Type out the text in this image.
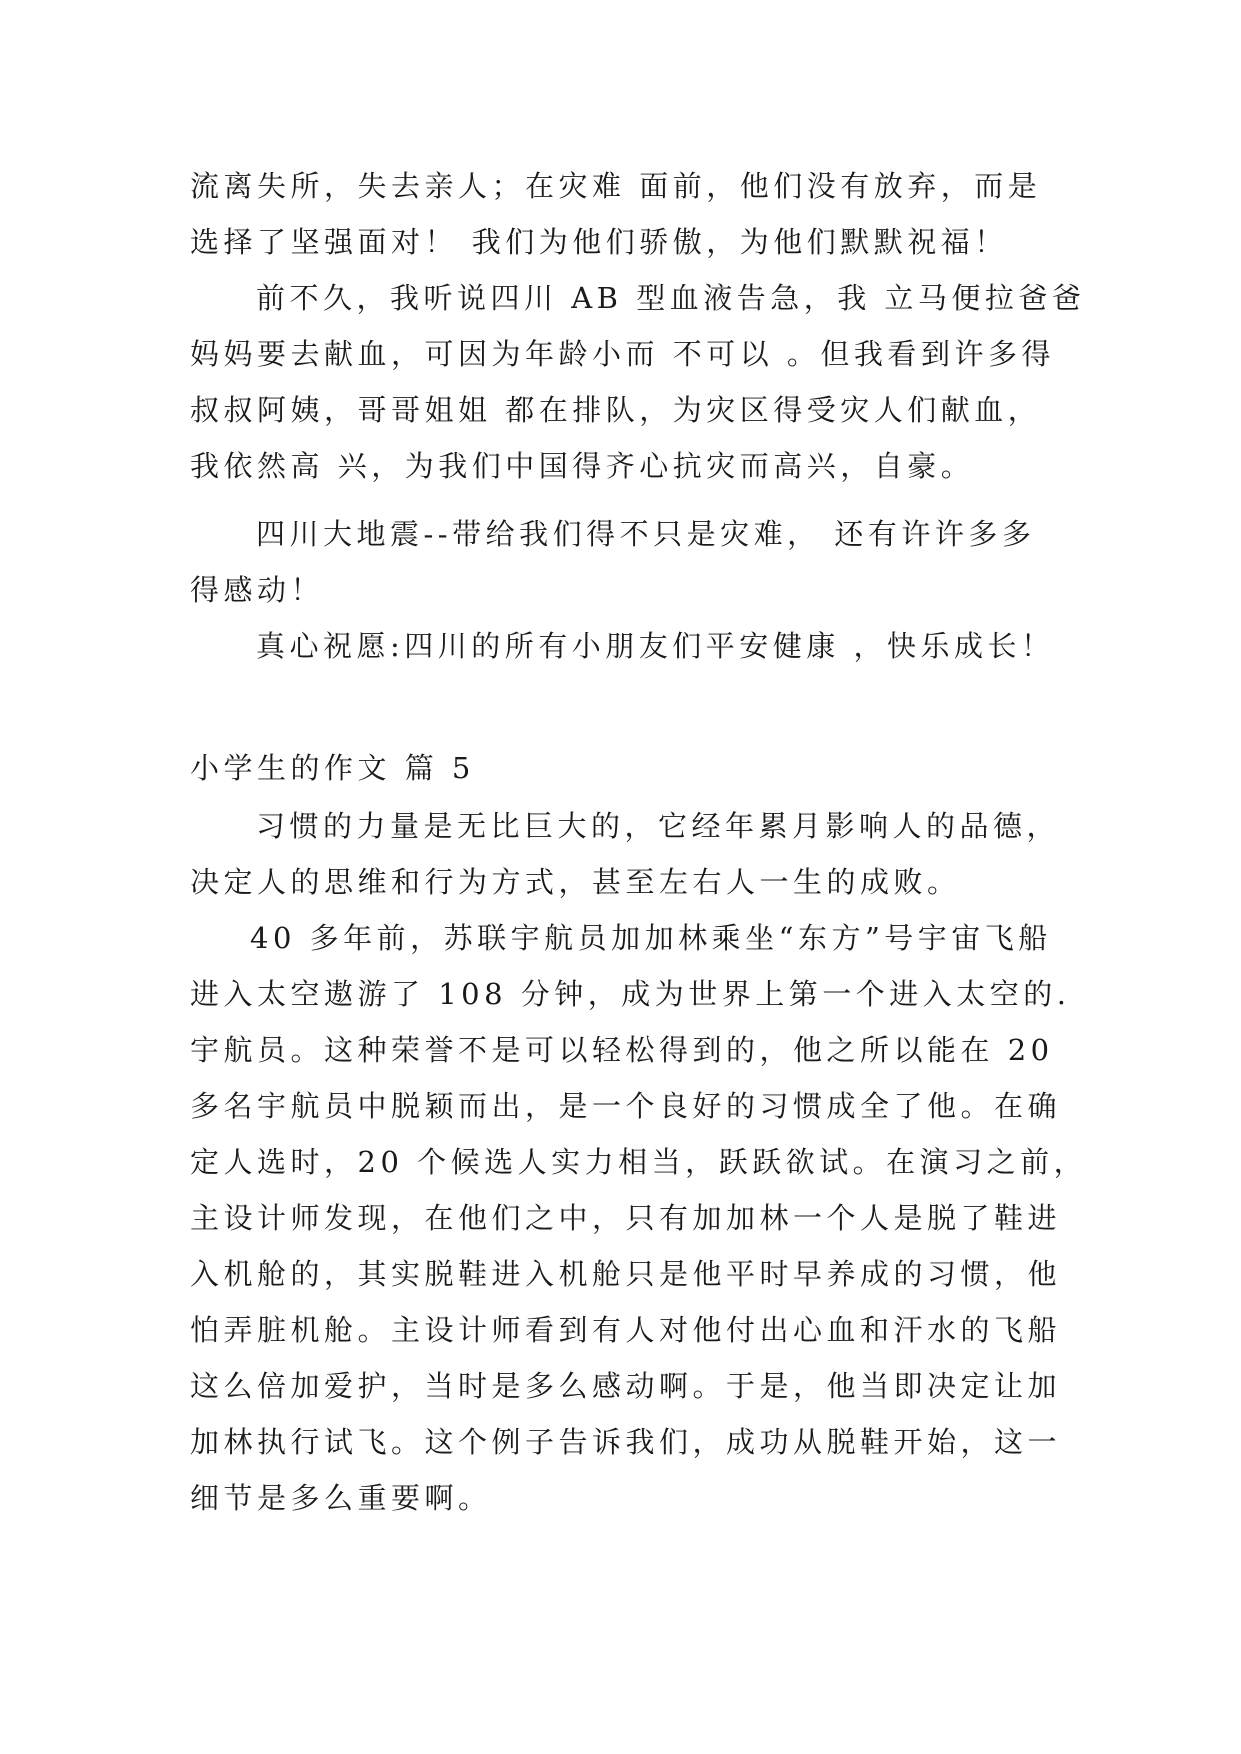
流离失所，失去亲人；在灾难 面前，他们没有放弃，而是
选择了坚强面对！ 我们为他们骄傲，为他们默默祝福！
前不久，我听说四川 AB 型血液告急，我 立马便拉爸爸
妈妈要去献血，可因为年龄小而 不可以 。但我看到许多得
叔叔阿姨，哥哥姐姐 都在排队，为灾区得受灾人们献血，
我依然高 兴，为我们中国得齐心抗灾而高兴，自豪。
四川大地震--带给我们得不只是灾难， 还有许许多多
得感动！
真心祝愿:四川的所有小朋友们平安健康 ，快乐成长！
小学生的作文 篇 5
习惯的力量是无比巨大的，它经年累月影响人的品德，
决定人的思维和行为方式，甚至左右人一生的成败。
40 多年前，苏联宇航员加加林乘坐“东方”号宇宙飞船
进入太空遨游了 108 分钟，成为世界上第一个进入太空的.
宇航员。这种荣誉不是可以轻松得到的，他之所以能在 20
多名宇航员中脱颖而出，是一个良好的习惯成全了他。在确
定人选时，20 个候选人实力相当，跃跃欲试。在演习之前，
主设计师发现，在他们之中，只有加加林一个人是脱了鞋进
入机舱的，其实脱鞋进入机舱只是他平时早养成的习惯，他
怕弄脏机舱。主设计师看到有人对他付出心血和汗水的飞船
这么倍加爱护，当时是多么感动啊。于是，他当即决定让加
加林执行试飞。这个例子告诉我们，成功从脱鞋开始，这一
细节是多么重要啊。
